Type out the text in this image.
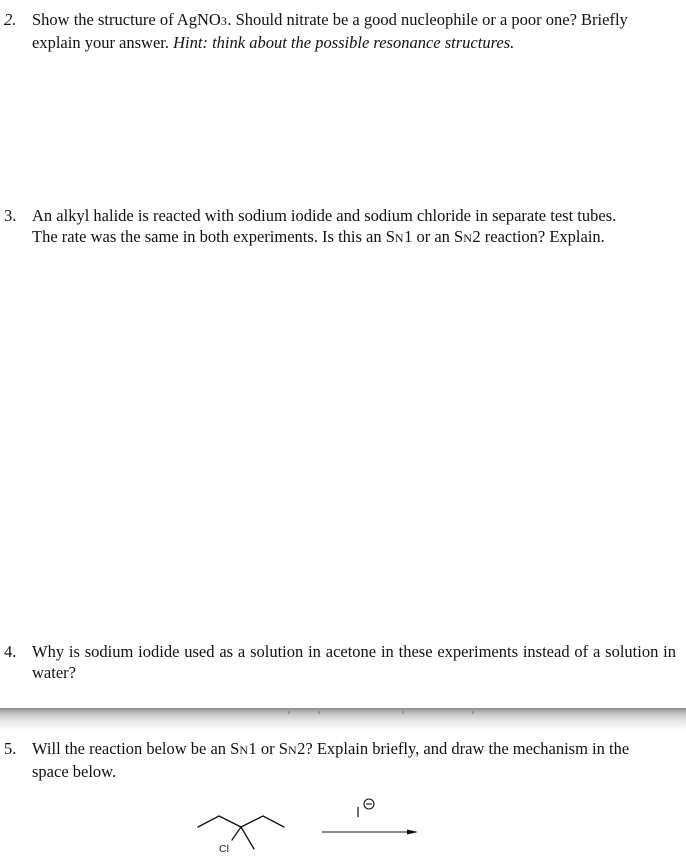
2. Show the structure of AgNO3. Should nitrate be a good nucleophile or a poor one? Briefly
explain your answer. Hint: think about the possible resonance structures.
3. An alkyl halide is reacted with sodium iodide and sodium chloride in separate test tubes.
The rate was the same in both experiments. Is this an SN1 or an SN2 reaction? Explain.
4. Why is sodium iodide used as a solution in acetone in these experiments instead of a solution in water?
5. Will the reaction below be an SN1 or SN2? Explain briefly, and draw the mechanism in the
space below.
Cl
